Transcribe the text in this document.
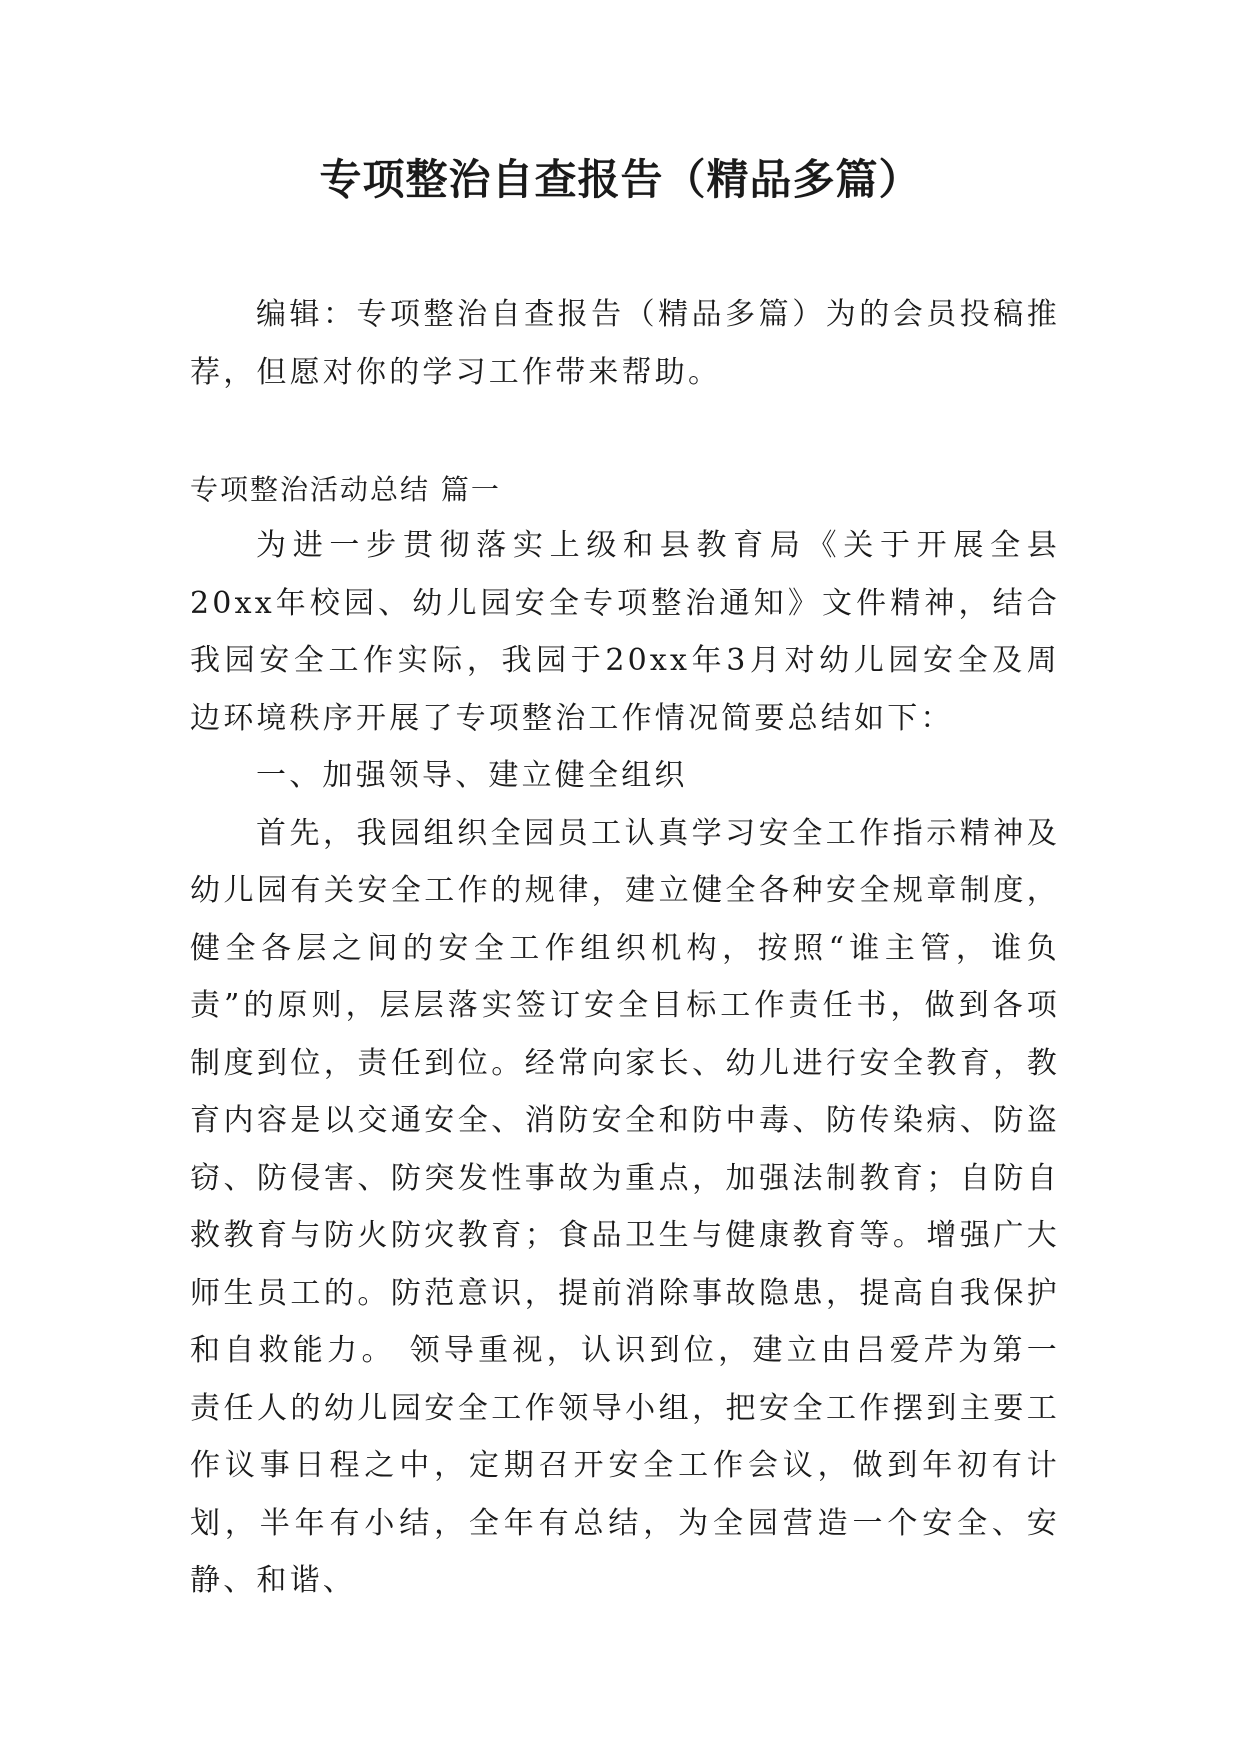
专项整治自查报告（精品多篇）

编辑：专项整治自查报告（精品多篇）为的会员投稿推荐，但愿对你的学习工作带来帮助。

专项整治活动总结 篇一

为进一步贯彻落实上级和县教育局《关于开展全县20xx年校园、幼儿园安全专项整治通知》文件精神，结合我园安全工作实际，我园于20xx年3月对幼儿园安全及周边环境秩序开展了专项整治工作情况简要总结如下：

一、加强领导、建立健全组织

首先，我园组织全园员工认真学习安全工作指示精神及幼儿园有关安全工作的规律，建立健全各种安全规章制度，健全各层之间的安全工作组织机构，按照“谁主管，谁负责”的原则，层层落实签订安全目标工作责任书，做到各项制度到位，责任到位。经常向家长、幼儿进行安全教育，教育内容是以交通安全、消防安全和防中毒、防传染病、防盗窃、防侵害、防突发性事故为重点，加强法制教育；自防自救教育与防火防灾教育；食品卫生与健康教育等。增强广大师生员工的。防范意识，提前消除事故隐患，提高自我保护和自救能力。 领导重视，认识到位，建立由吕爱芹为第一责任人的幼儿园安全工作领导小组，把安全工作摆到主要工作议事日程之中，定期召开安全工作会议，做到年初有计划，半年有小结，全年有总结，为全园营造一个安全、安静、和谐、
